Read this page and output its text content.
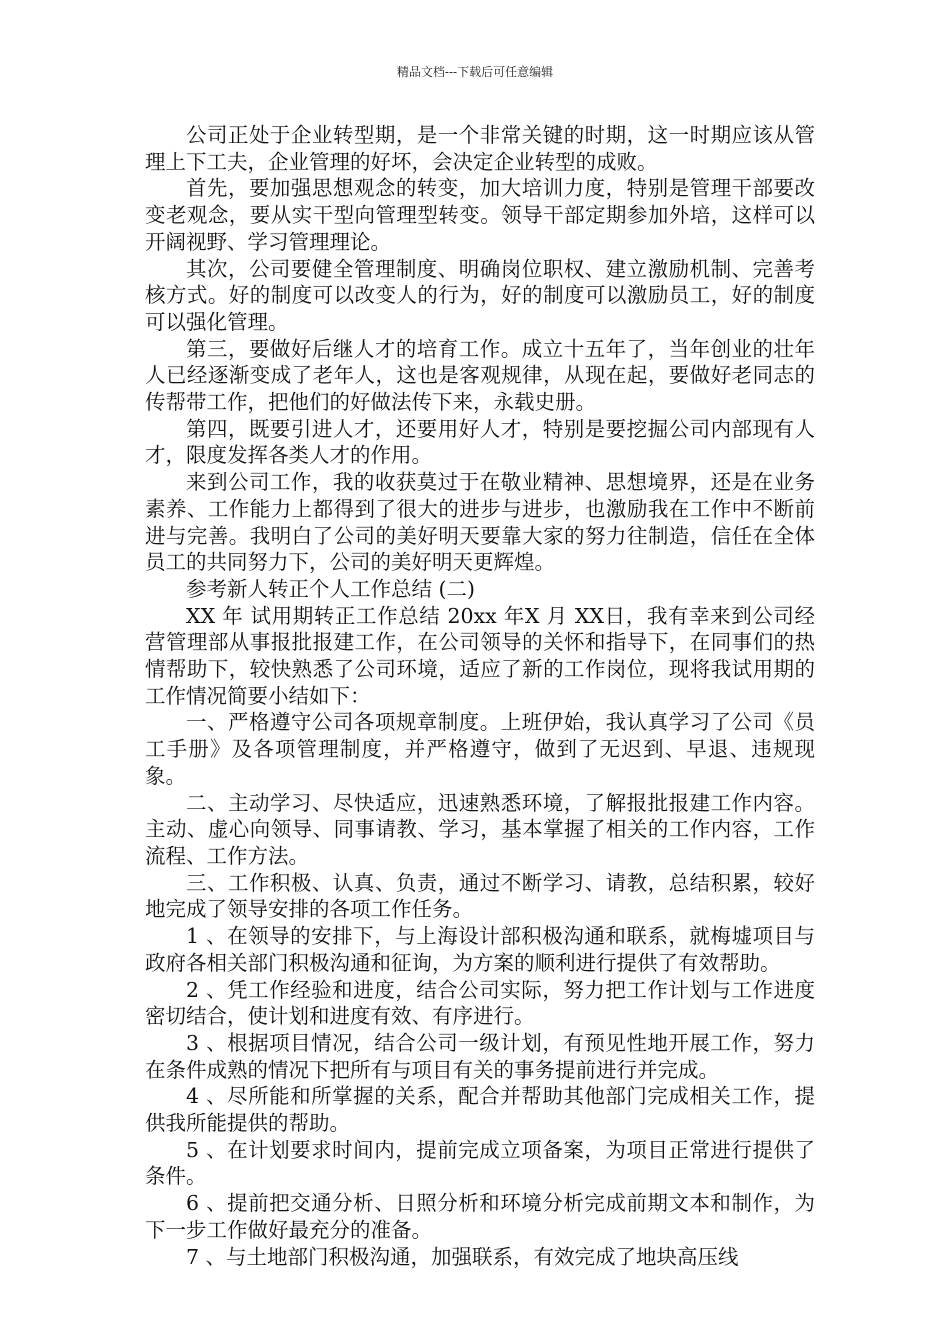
精品文档---下载后可任意编辑

公司正处于企业转型期，是一个非常关键的时期，这一时期应该从管理上下工夫，企业管理的好坏，会决定企业转型的成败。

首先，要加强思想观念的转变，加大培训力度，特别是管理干部要改变老观念，要从实干型向管理型转变。领导干部定期参加外培，这样可以开阔视野、学习管理理论。

其次，公司要健全管理制度、明确岗位职权、建立激励机制、完善考核方式。好的制度可以改变人的行为，好的制度可以激励员工，好的制度可以强化管理。

第三，要做好后继人才的培育工作。成立十五年了，当年创业的壮年人已经逐渐变成了老年人，这也是客观规律，从现在起，要做好老同志的传帮带工作，把他们的好做法传下来，永载史册。

第四，既要引进人才，还要用好人才，特别是要挖掘公司内部现有人才，限度发挥各类人才的作用。

来到公司工作，我的收获莫过于在敬业精神、思想境界，还是在业务素养、工作能力上都得到了很大的进步与进步，也激励我在工作中不断前进与完善。我明白了公司的美好明天要靠大家的努力往制造，信任在全体员工的共同努力下，公司的美好明天更辉煌。

参考新人转正个人工作总结 (二)

XX 年 试用期转正工作总结 20xx 年X 月 XX日，我有幸来到公司经营管理部从事报批报建工作，在公司领导的关怀和指导下，在同事们的热情帮助下，较快熟悉了公司环境，适应了新的工作岗位，现将我试用期的工作情况简要小结如下：

一、严格遵守公司各项规章制度。上班伊始，我认真学习了公司《员工手册》及各项管理制度，并严格遵守，做到了无迟到、早退、违规现象。

二、主动学习、尽快适应，迅速熟悉环境，了解报批报建工作内容。主动、虚心向领导、同事请教、学习，基本掌握了相关的工作内容，工作流程、工作方法。

三、工作积极、认真、负责，通过不断学习、请教，总结积累，较好地完成了领导安排的各项工作任务。

1 、在领导的安排下，与上海设计部积极沟通和联系，就梅墟项目与政府各相关部门积极沟通和征询，为方案的顺利进行提供了有效帮助。

2 、凭工作经验和进度，结合公司实际，努力把工作计划与工作进度密切结合，使计划和进度有效、有序进行。

3 、根据项目情况，结合公司一级计划，有预见性地开展工作，努力在条件成熟的情况下把所有与项目有关的事务提前进行并完成。

4 、尽所能和所掌握的关系，配合并帮助其他部门完成相关工作，提供我所能提供的帮助。

5 、在计划要求时间内，提前完成立项备案，为项目正常进行提供了条件。

6 、提前把交通分析、日照分析和环境分析完成前期文本和制作，为下一步工作做好最充分的准备。

7 、与土地部门积极沟通，加强联系，有效完成了地块高压线
